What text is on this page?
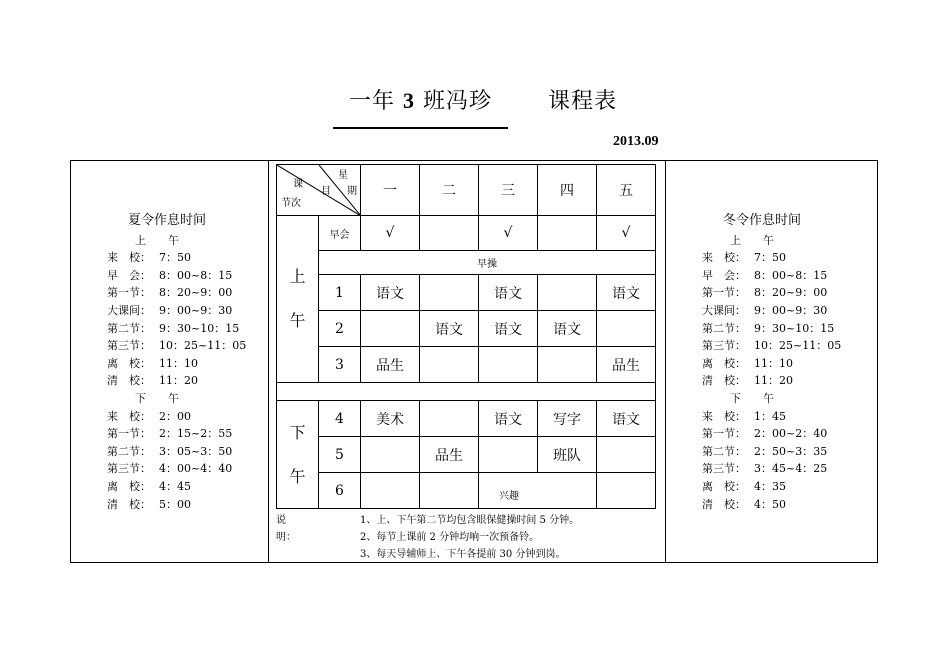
一年 3 班冯珍	课程表
2013.09
夏令作息时间
上　　午
来　校： 7：50
早　会： 8：00~8：15
第一节： 8：20~9：00
大课间： 9：00~9：30
第二节： 9：30~10：15
第三节： 10：25~11：05
离　校： 11：10
清　校： 11：20
下　　午
来　校： 2：00
第一节： 2：15~2：55
第二节： 3：05~3：50
第三节： 4：00~4：40
离　校： 4：45
清　校： 5：00
冬令作息时间
上　　午
来　校： 7：50
早　会： 8：00~8：15
第一节： 8：20~9：00
大课间： 9：00~9：30
第二节： 9：30~10：15
第三节： 10：25~11：05
离　校： 11：10
清　校： 11：20
下　　午
来　校： 1：45
第一节： 2：00~2：40
第二节： 2：50~3：35
第三节： 3：45~4：25
离　校： 4：35
清　校： 4：50
星
期
课
目
节次		一	二	三	四	五
上

午	早会	√		√		√
	早操					
	1	语文		语文		语文
	2		语文	语文	语文	
	3	品生				品生

下

午	4	美术		语文	写字	语文
	5		品生		班队	
	6			兴趣		
说明：
1、上、下午第二节均包含眼保健操时间 5 分钟。
2、每节上课前 2 分钟均响一次预备铃。
3、每天导辅师上、下午各提前 30 分钟到岗。
